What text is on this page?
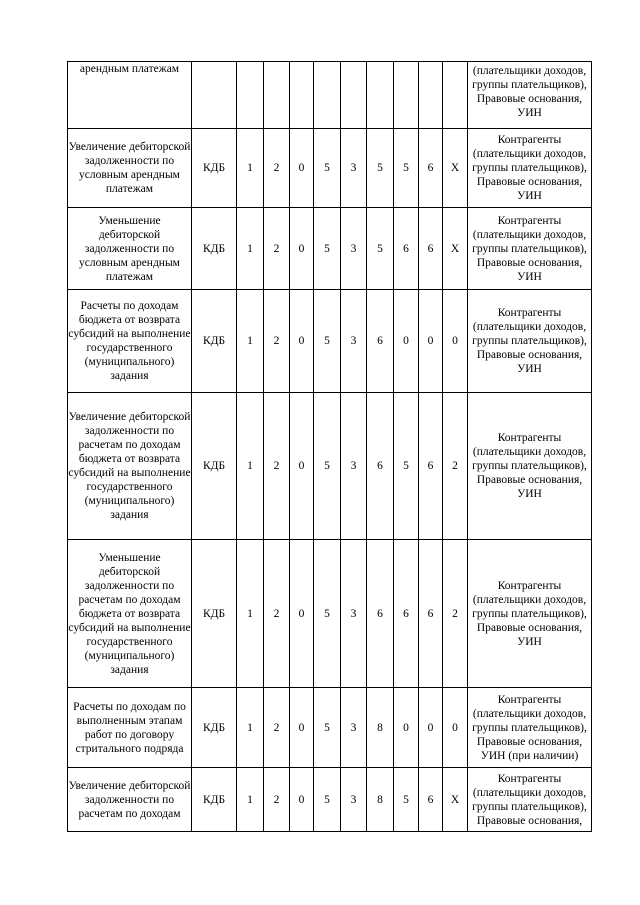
арендным платежам											(плательщики доходов, группы плательщиков), Правовые основания, УИН

Увеличение дебиторской задолженности по условным арендным платежам	КДБ	1	2	0	5	3	5	5	6	Х	Контрагенты (плательщики доходов, группы плательщиков), Правовые основания, УИН
Уменьшение дебиторской задолженности по условным арендным платежам	КДБ	1	2	0	5	3	5	6	6	Х	Контрагенты (плательщики доходов, группы плательщиков), Правовые основания, УИН
Расчеты по доходам бюджета от возврата субсидий на выполнение государственного (муниципального) задания	КДБ	1	2	0	5	3	6	0	0	0	Контрагенты (плательщики доходов, группы плательщиков), Правовые основания, УИН
Увеличение дебиторской задолженности по расчетам по доходам бюджета от возврата субсидий на выполнение государственного (муниципального) задания	КДБ	1	2	0	5	3	6	5	6	2	Контрагенты (плательщики доходов, группы плательщиков), Правовые основания, УИН
Уменьшение дебиторской задолженности по расчетам по доходам бюджета от возврата субсидий на выполнение государственного (муниципального) задания	КДБ	1	2	0	5	3	6	6	6	2	Контрагенты (плательщики доходов, группы плательщиков), Правовые основания, УИН
Расчеты по доходам по выполненным этапам работ по договору стритального подряда	КДБ	1	2	0	5	3	8	0	0	0	Контрагенты (плательщики доходов, группы плательщиков), Правовые основания, УИН (при наличии)
Увеличение дебиторской задолженности по расчетам по доходам	КДБ	1	2	0	5	3	8	5	6	Х	Контрагенты (плательщики доходов, группы плательщиков), Правовые основания,
